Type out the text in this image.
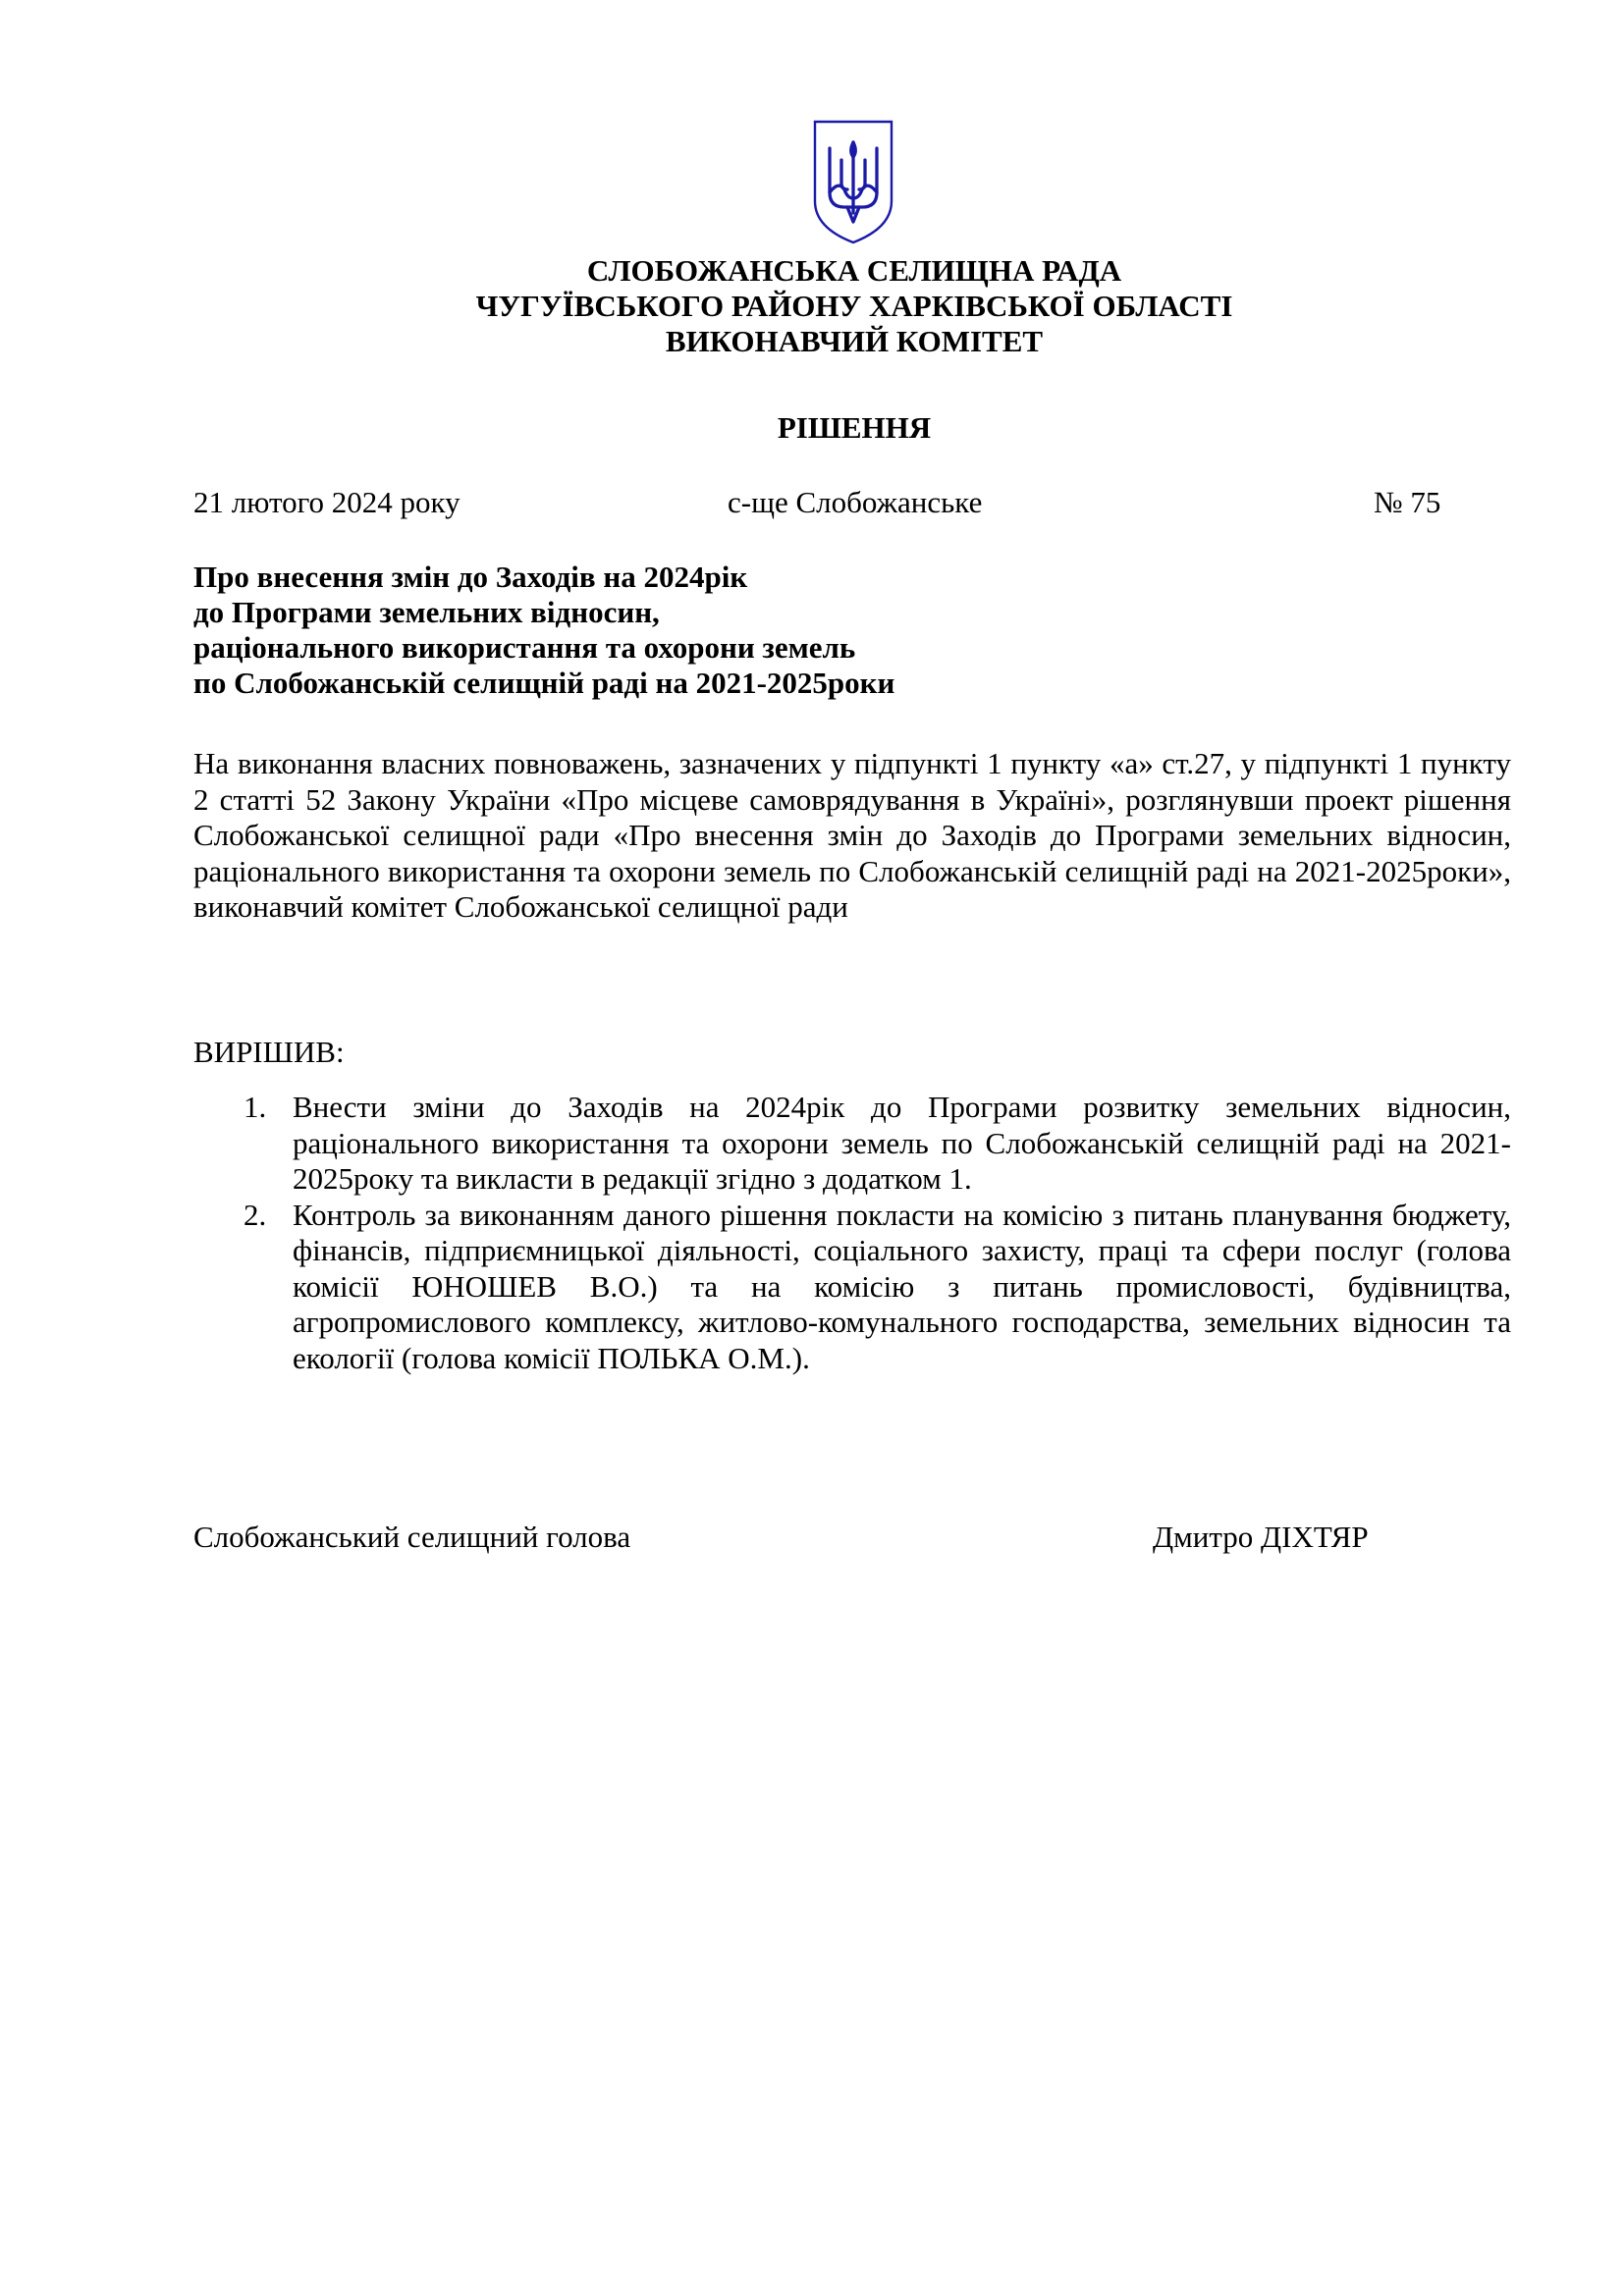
СЛОБОЖАНСЬКА СЕЛИЩНА РАДА
ЧУГУЇВСЬКОГО РАЙОНУ ХАРКІВСЬКОЇ ОБЛАСТІ
ВИКОНАВЧИЙ КОМІТЕТ
РІШЕННЯ
21 лютого 2024 року	с-ще Слобожанське	№ 75
Про внесення змін до Заходів на 2024рік
до Програми земельних відносин,
раціонального використання та охорони земель
по Слобожанській селищній раді на 2021-2025роки
На виконання власних повноважень, зазначених у підпункті 1 пункту «а» ст.27, у підпункті 1 пункту 2 статті 52 Закону України «Про місцеве самоврядування в Україні», розглянувши проект рішення Слобожанської селищної ради «Про внесення змін до Заходів до Програми земельних відносин, раціонального використання та охорони земель по Слобожанській селищній раді на 2021-2025роки», виконавчий комітет Слобожанської селищної ради
ВИРІШИВ:
1. Внести зміни до Заходів на 2024рік до Програми розвитку земельних відносин, раціонального використання та охорони земель по Слобожанській селищній раді на 2021-2025року та викласти в редакції згідно з додатком 1.
2. Контроль за виконанням даного рішення покласти на комісію з питань планування бюджету, фінансів, підприємницької діяльності, соціального захисту, праці та сфери послуг (голова комісії ЮНОШЕВ В.О.) та на комісію з питань промисловості, будівництва, агропромислового комплексу, житлово-комунального господарства, земельних відносин та екології (голова комісії ПОЛЬКА О.М.).
Слобожанський селищний голова	Дмитро ДІХТЯР
